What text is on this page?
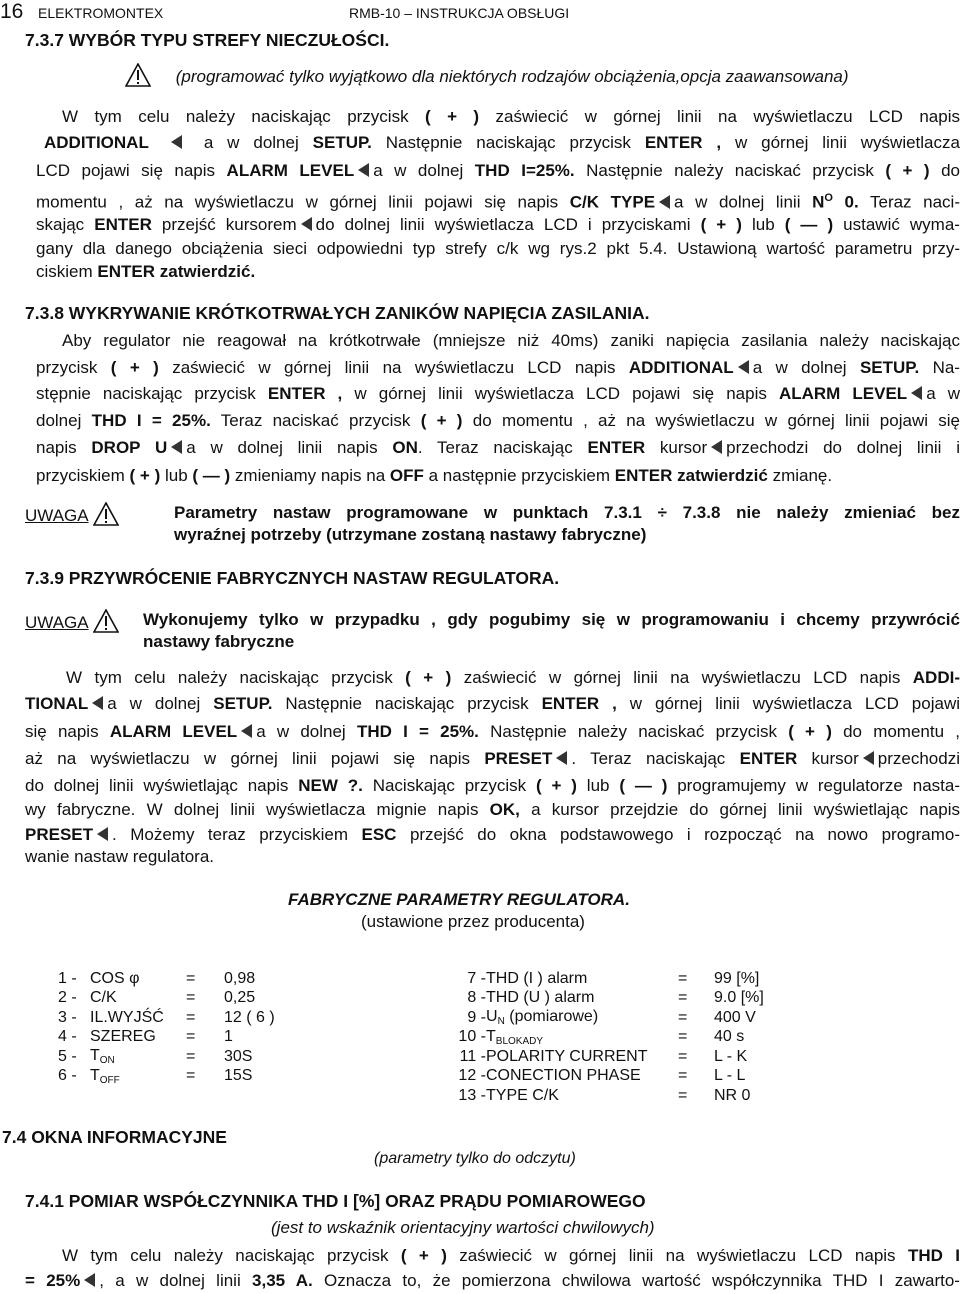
16 ELEKTROMONTEX	RMB-10 – INSTRUKCJA OBSŁUGI
7.3.7 WYBÓR TYPU STREFY NIECZUŁOŚCI.
(programować tylko wyjątkowo dla niektórych rodzajów obciążenia,opcja zaawansowana)
W tym celu należy naciskając przycisk ( + ) zaświecić w górnej linii na wyświetlaczu LCD napis
ADDITIONAL	a w dolnej SETUP. Następnie naciskając przycisk ENTER , w górnej linii wyświetlacza
LCD pojawi się napis ALARM LEVEL a w dolnej THD I=25%. Następnie należy naciskać przycisk ( + ) do
momentu , aż na wyświetlaczu w górnej linii pojawi się napis C/K TYPE a w dolnej linii $N^O$ 0. Teraz naci-
skając ENTER przejść kursorem do dolnej linii wyświetlacza LCD i przyciskami ( + ) lub ( — ) ustawić wyma-
gany dla danego obciążenia sieci odpowiedni typ strefy c/k wg rys.2 pkt 5.4. Ustawioną wartość parametru przy-
ciskiem ENTER zatwierdzić.
7.3.8 WYKRYWANIE KRÓTKOTRWAŁYCH ZANIKÓW NAPIĘCIA ZASILANIA.
Aby regulator nie reagował na krótkotrwałe (mniejsze niż 40ms) zaniki napięcia zasilania należy naciskając
przycisk ( + ) zaświecić w górnej linii na wyświetlaczu LCD napis ADDITIONAL a w dolnej SETUP. Na-
stępnie naciskając przycisk ENTER , w górnej linii wyświetlacza LCD pojawi się napis ALARM LEVEL a w
dolnej THD I = 25%. Teraz naciskać przycisk ( + ) do momentu , aż na wyświetlaczu w górnej linii pojawi się
napis DROP U a w dolnej linii napis ON. Teraz naciskając ENTER kursor przechodzi do dolnej linii i
przyciskiem ( + ) lub ( — ) zmieniamy napis na OFF a następnie przyciskiem ENTER zatwierdzić zmianę.
UWAGA	Parametry nastaw programowane w punktach 7.3.1 ÷ 7.3.8 nie należy zmieniać bez
wyraźnej potrzeby (utrzymane zostaną nastawy fabryczne)
7.3.9 PRZYWRÓCENIE FABRYCZNYCH NASTAW REGULATORA.
UWAGA	Wykonujemy tylko w przypadku , gdy pogubimy się w programowaniu i chcemy przywrócić
nastawy fabryczne
W tym celu należy naciskając przycisk ( + ) zaświecić w górnej linii na wyświetlaczu LCD napis ADDI-
TIONAL a w dolnej SETUP. Następnie naciskając przycisk ENTER , w górnej linii wyświetlacza LCD pojawi
się napis ALARM LEVEL a w dolnej THD I = 25%. Następnie należy naciskać przycisk ( + ) do momentu ,
aż na wyświetlaczu w górnej linii pojawi się napis PRESET . Teraz naciskając ENTER kursor przechodzi
do dolnej linii wyświetlając napis NEW ?. Naciskając przycisk ( + ) lub ( — ) programujemy w regulatorze nasta-
wy fabryczne. W dolnej linii wyświetlacza mignie napis OK, a kursor przejdzie do górnej linii wyświetlając napis
PRESET . Możemy teraz przyciskiem ESC przejść do okna podstawowego i rozpocząć na nowo programo-
wanie nastaw regulatora.
FABRYCZNE PARAMETRY REGULATORA.
(ustawione przez producenta)
1 -	COS φ	=	0,98
2 -	C/K	=	0,25
3 -	IL.WYJŚĆ	=	12 ( 6 )
4 -	SZEREG	=	1
5 -	$T_{ON}$	=	30S
6 -	$T_{OFF}$	=	15S
7 -	THD (I ) alarm	=	99 [%]
8 -	THD (U ) alarm	=	9.0 [%]
9 -	$U_N$ (pomiarowe)	=	400 V
10 -	$T_{BLOKADY}$	=	40 s
11 -	POLARITY CURRENT	=	L - K
12 -	CONECTION PHASE	=	L - L
13 -	TYPE C/K	=	NR 0
7.4 OKNA INFORMACYJNE
(parametry tylko do odczytu)
7.4.1 POMIAR WSPÓŁCZYNNIKA THD I [%] ORAZ PRĄDU POMIAROWEGO
(jest to wskaźnik orientacyjny wartości chwilowych)
W tym celu należy naciskając przycisk ( + ) zaświecić w górnej linii na wyświetlaczu LCD napis THD I
= 25% , a w dolnej linii 3,35 A. Oznacza to, że pomierzona chwilowa wartość współczynnika THD I zawarto-
